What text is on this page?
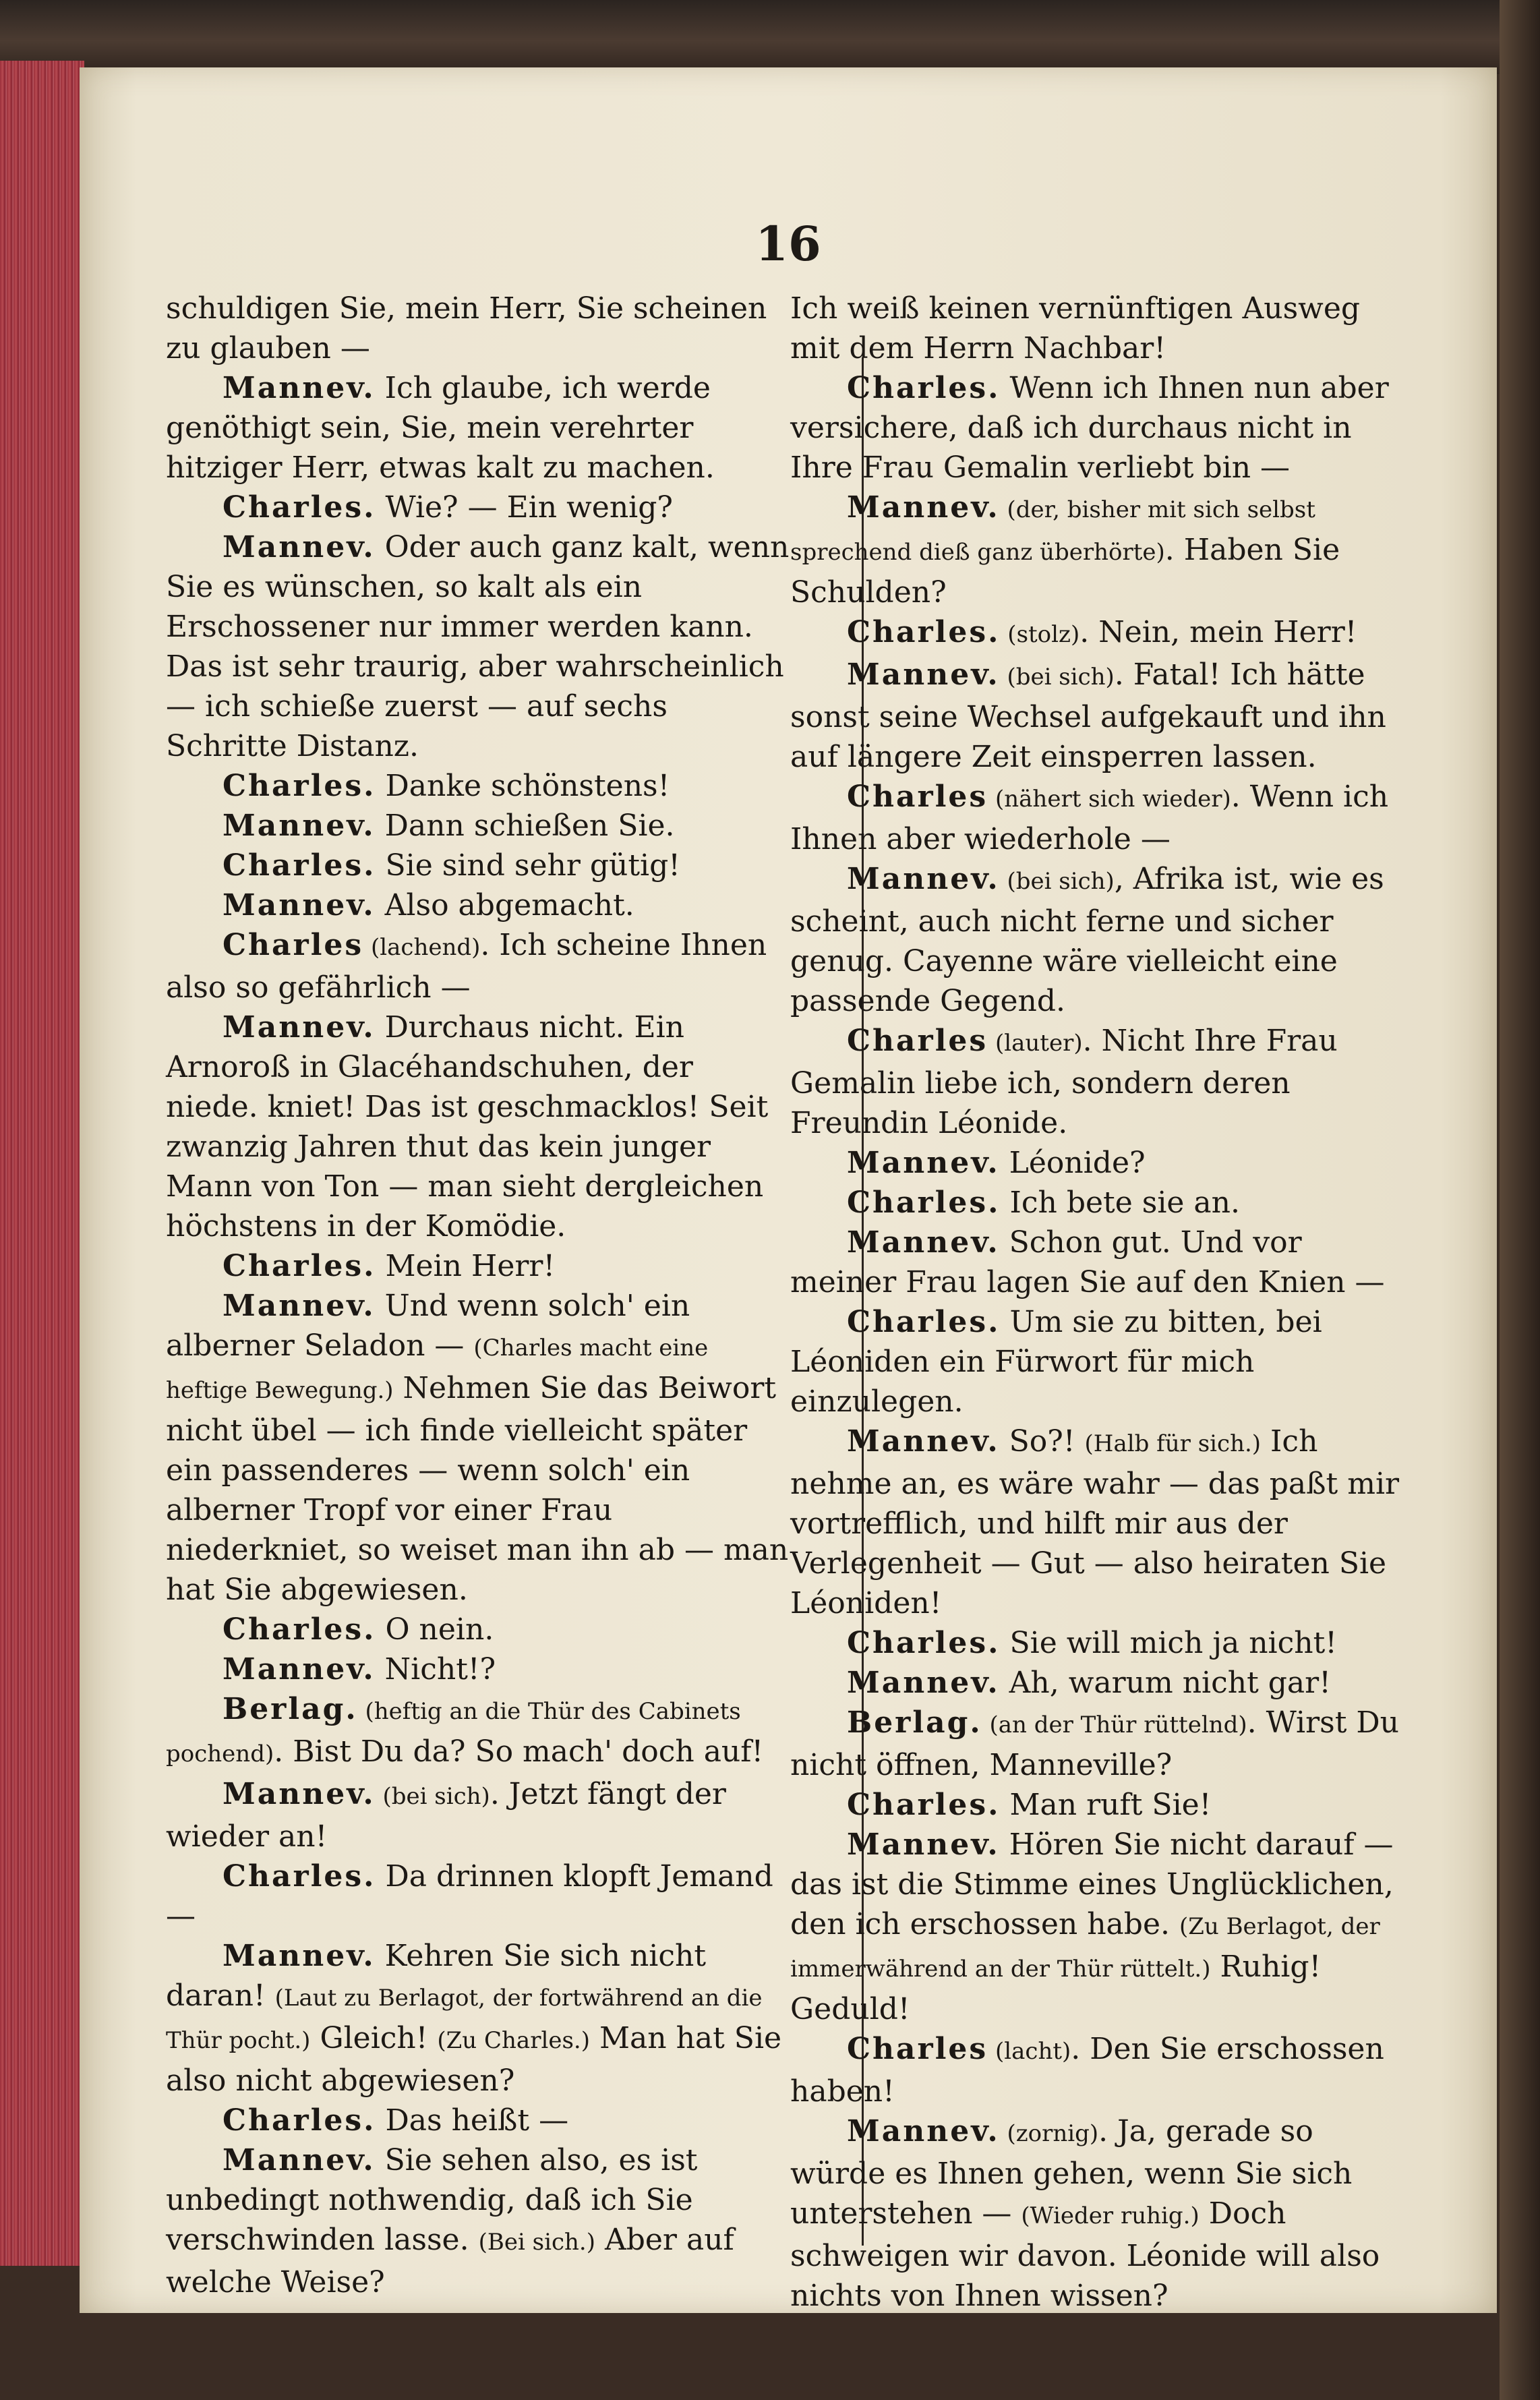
16

schuldigen Sie, mein Herr, Sie scheinen zu glauben —

Mannev. Ich glaube, ich werde genöthigt sein, Sie, mein verehrter hitziger Herr, etwas kalt zu machen.

Charles. Wie? — Ein wenig?

Mannev. Oder auch ganz kalt, wenn Sie es wünschen, so kalt als ein Erschossener nur immer werden kann. Das ist sehr traurig, aber wahrscheinlich — ich schieße zuerst — auf sechs Schritte Distanz.

Charles. Danke schönstens!

Mannev. Dann schießen Sie.

Charles. Sie sind sehr gütig!

Mannev. Also abgemacht.

Charles (lachend). Ich scheine Ihnen also so gefährlich —

Mannev. Durchaus nicht. Ein Arnoroß in Glacéhandschuhen, der niede. kniet! Das ist geschmacklos! Seit zwanzig Jahren thut das kein junger Mann von Ton — man sieht dergleichen höchstens in der Komödie.

Charles. Mein Herr!

Mannev. Und wenn solch' ein alberner Seladon — (Charles macht eine heftige Bewegung.) Nehmen Sie das Beiwort nicht übel — ich finde vielleicht später ein passenderes — wenn solch' ein alberner Tropf vor einer Frau niederkniet, so weiset man ihn ab — man hat Sie abgewiesen.

Charles. O nein.

Mannev. Nicht!?

Berlag. (heftig an die Thür des Cabinets pochend). Bist Du da? So mach' doch auf!

Mannev. (bei sich). Jetzt fängt der wieder an!

Charles. Da drinnen klopft Jemand —

Mannev. Kehren Sie sich nicht daran! (Laut zu Berlagot, der fortwährend an die Thür pocht.) Gleich! (Zu Charles.) Man hat Sie also nicht abgewiesen?

Charles. Das heißt —

Mannev. Sie sehen also, es ist unbedingt nothwendig, daß ich Sie verschwinden lasse. (Bei sich.) Aber auf welche Weise?

Ich weiß keinen vernünftigen Ausweg mit dem Herrn Nachbar!

Charles. Wenn ich Ihnen nun aber versichere, daß ich durchaus nicht in Ihre Frau Gemalin verliebt bin —

Mannev. (der, bisher mit sich selbst sprechend dieß ganz überhörte). Haben Sie Schulden?

Charles. (stolz). Nein, mein Herr!

Mannev. (bei sich). Fatal! Ich hätte sonst seine Wechsel aufgekauft und ihn auf längere Zeit einsperren lassen.

Charles (nähert sich wieder). Wenn ich Ihnen aber wiederhole —

Mannev. (bei sich), Afrika ist, wie es scheint, auch nicht ferne und sicher genug. Cayenne wäre vielleicht eine passende Gegend.

Charles (lauter). Nicht Ihre Frau Gemalin liebe ich, sondern deren Freundin Léonide.

Mannev. Léonide?

Charles. Ich bete sie an.

Mannev. Schon gut. Und vor meiner Frau lagen Sie auf den Knien —

Charles. Um sie zu bitten, bei Léoniden ein Fürwort für mich einzulegen.

Mannev. So?! (Halb für sich.) Ich nehme an, es wäre wahr — das paßt mir vortrefflich, und hilft mir aus der Verlegenheit — Gut — also heiraten Sie Léoniden!

Charles. Sie will mich ja nicht!

Mannev. Ah, warum nicht gar!

Berlag. (an der Thür rüttelnd). Wirst Du nicht öffnen, Manneville?

Charles. Man ruft Sie!

Mannev. Hören Sie nicht darauf — das ist die Stimme eines Unglücklichen, den ich erschossen habe. (Zu Berlagot, der immerwährend an der Thür rüttelt.) Ruhig! Geduld!

Charles (lacht). Den Sie erschossen haben!

Mannev. (zornig). Ja, gerade so würde es Ihnen gehen, wenn Sie sich unterstehen — (Wieder ruhig.) Doch schweigen wir davon. Léonide will also nichts von Ihnen wissen?
